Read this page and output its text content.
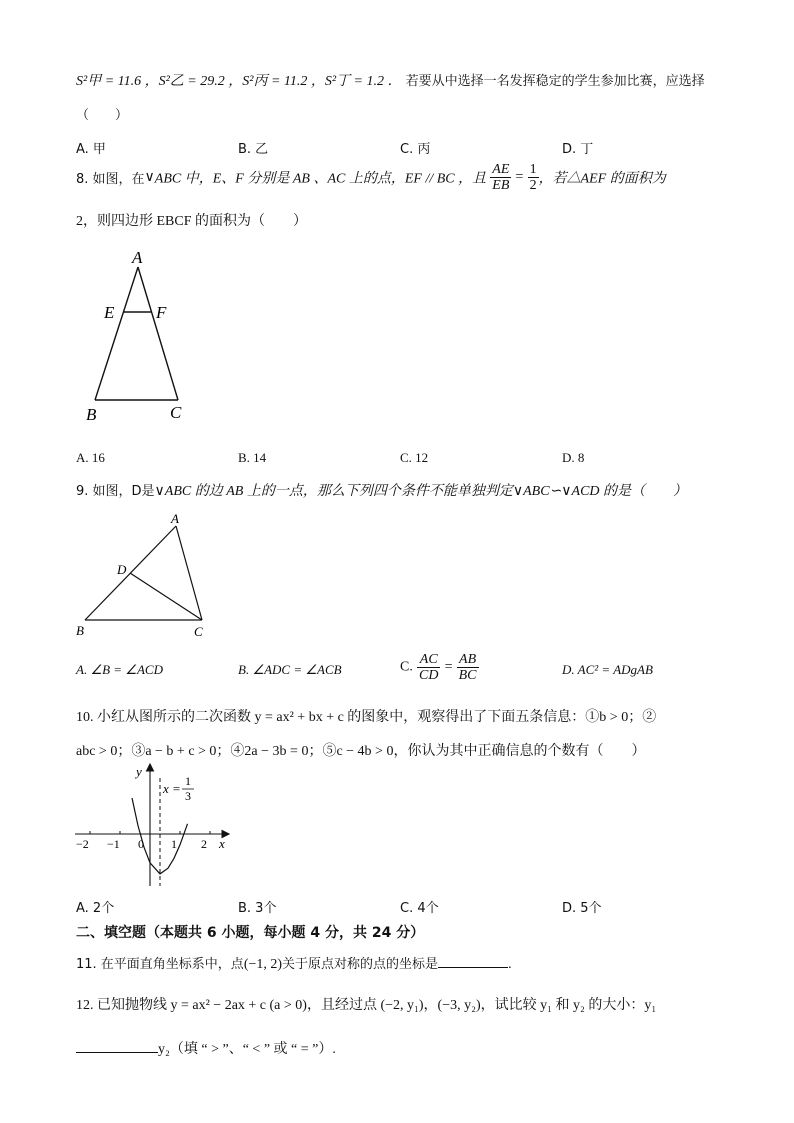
S²甲 = 11.6 ，S²乙 = 29.2 ，S²丙 = 11.2 ，S²丁 = 1.2 ． 若要从中选择一名发挥稳定的学生参加比赛，应选择
（　　）
A. 甲	B. 乙	C. 丙	D. 丁
8. 如图，在∨ABC 中，E、F 分别是 AB 、AC 上的点，EF // BC ，且 $\frac{AE}{EB} = \frac{1}{2}$ ，若△AEF 的面积为
2，则四边形 EBCF 的面积为（　　）
A
E F
B	C
A. 16	B. 14	C. 12	D. 8
9. 如图，D是∨ABC 的边 AB 上的一点，那么下列四个条件不能单独判定∨ABC∽∨ACD 的是（　　）
A
D
B	C
A. ∠B = ∠ACD	B. ∠ADC = ∠ACB	C. $\frac{AC}{CD} = \frac{AB}{BC}$	D. AC² = ADgAB
10. 小红从图所示的二次函数 y = ax² + bx + c 的图象中，观察得出了下面五条信息：①b > 0；②
abc > 0；③a − b + c > 0；④2a − 3b = 0；⑤c − 4b > 0，你认为其中正确信息的个数有（　　）
y
x
x = 1
3
−2 −1 0 1 2
A. 2个	B. 3个	C. 4个	D. 5个
二、填空题（本题共 6 小题，每小题 4 分，共 24 分）
11. 在平面直角坐标系中，点(−1, 2)关于原点对称的点的坐标是	.
12. 已知抛物线 y = ax² − 2ax + c (a > 0)，且经过点 (−2, y₁)，(−3, y₂)，试比较 y₁ 和 y₂ 的大小：y₁
y₂（填 “ > ”、“ < ” 或 “ = ”）.
